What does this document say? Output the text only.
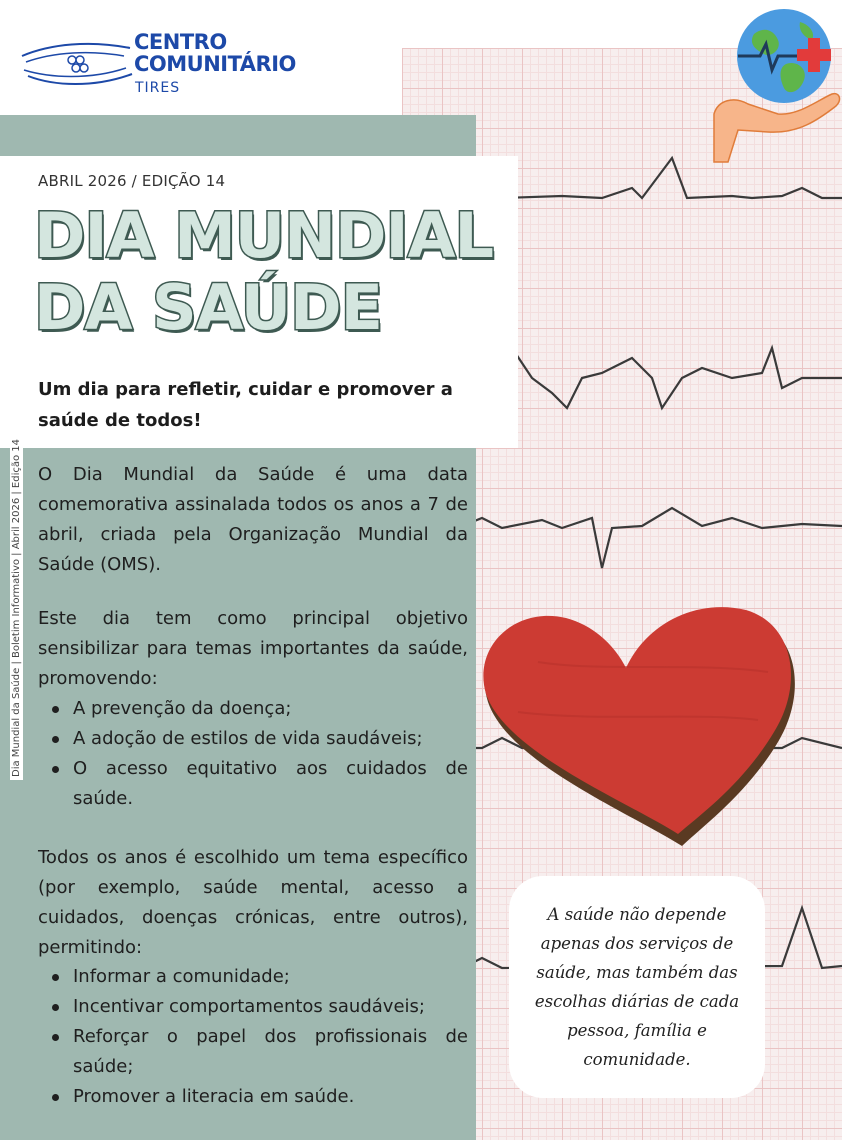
CENTRO
COMUNITÁRIO
TIRES
ABRIL 2026 / EDIÇÃO 14
DIA MUNDIAL
DA SAÚDE
Um dia para refletir, cuidar e promover a saúde de todos!
Dia Mundial da Saúde | Boletim Informativo | Abril 2026 | Edição 14 O Dia Mundial da Saúde é uma data comemorativa assinalada todos os anos a 7 de abril, criada pela Organização Mundial da Saúde (OMS).

Este dia tem como principal objetivo sensibilizar para temas importantes da saúde, promovendo:

A prevenção da doença;
A adoção de estilos de vida saudáveis;
O acesso equitativo aos cuidados de saúde.

Todos os anos é escolhido um tema específico (por exemplo, saúde mental, acesso a cuidados, doenças crónicas, entre outros), permitindo:

Informar a comunidade;
Incentivar comportamentos saudáveis;
Reforçar o papel dos profissionais de saúde;
Promover a literacia em saúde.
A saúde não depende apenas dos serviços de saúde, mas também das escolhas diárias de cada pessoa, família e comunidade.
